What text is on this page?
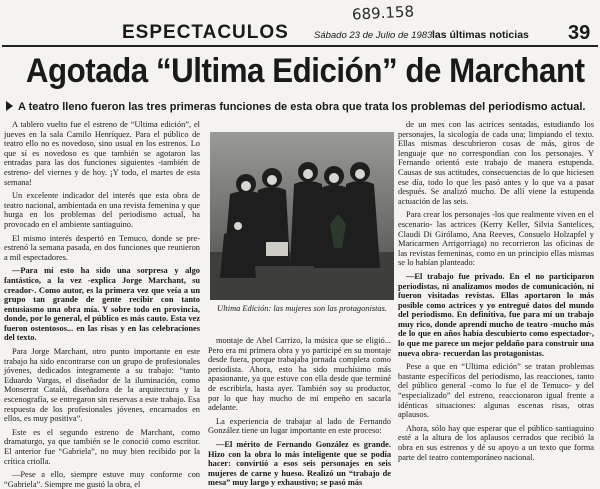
689.158
ESPECTACULOS	Sábado 23 de Julio de 1983 las últimas noticias 39
Agotada “Ultima Edición” de Marchant
A teatro lleno fueron las tres primeras funciones de esta obra que trata los problemas del periodismo actual.

A tablero vuelto fue el estreno de “Ultima edición”, el jueves en la sala Camilo Henríquez. Para el público de teatro ello no es novedoso, sino usual en los estrenos. Lo que sí es novedoso es que también se agotaron las entradas para las dos funciones siguientes -también de estreno- del viernes y de hoy. ¡Y todo, el martes de esta semana!

Un excelente indicador del interés que esta obra de teatro nacional, ambientada en una revista femenina y que hurga en los problemas del periodismo actual, ha provocado en el ambiente santiaguino.

El mismo interés despertó en Temuco, donde se pre-estrenó la semana pasada, en dos funciones que reunieron a mil espectadores.

—Para mí esto ha sido una sorpresa y algo fantástico, a la vez -explica Jorge Marchant, su creador-. Como autor, es la primera vez que veía a un grupo tan grande de gente recibir con tanto entusiasmo una obra mía. Y sobre todo en provincia, donde, por lo general, el público es más cauto. Esta vez fueron ostentosos... en las risas y en las celebraciones del texto.

Para Jorge Marchant, otro punto importante en este trabajo ha sido encontrarse con un grupo de profesionales jóvenes, dedicados íntegramente a su trabajo: “tanto Eduardo Vargas, el diseñador de la iluminación, como Monserrat Catalá, diseñadora de la arquitectura y la escenografía, se entregaron sin reservas a este trabajo. Esa respuesta de los profesionales jóvenes, encarnados en ellos, es muy positiva”.

Este es el segundo estreno de Marchant, como dramaturgo, ya que también se le conoció como escritor. El anterior fue “Gabriela”, no muy bien recibido por la crítica criolla.

—Pese a ello, siempre estuve muy conforme con “Gabriela”. Siempre me gustó la obra, el

Ultima Edición: las mujeres son las protagonistas.

montaje de Abel Carrizo, la música que se eligió... Pero era mi primera obra y yo participé en su montaje desde fuera, porque trabajaba jornada completa como periodista. Ahora, esto ha sido muchísimo más apasionante, ya que estuve con ella desde que terminé de escribirla, hasta ayer. También soy su productor, por lo que hay mucho de mi empeño en sacarla adelante.

La experiencia de trabajar al lado de Fernando González tiene un lugar importante en este proceso:

—El mérito de Fernando González es grande. Hizo con la obra lo más inteligente que se podía hacer: convirtió a esos seis personajes en seis mujeres de carne y hueso. Realizó un “trabajo de mesa” muy largo y exhaustivo; se pasó más

de un mes con las actrices sentadas, estudiando los personajes, la sicología de cada una; limpiando el texto. Ellas mismas descubrieron cosas de más, giros de lenguaje que no correspondían con los personajes. Y Fernando orientó este trabajo de manera estupenda. Causas de sus actitudes, consecuencias de lo que hiciesen ese día, todo lo que les pasó antes y lo que va a pasar después. Se analizó mucho. De allí viene la estupenda actuación de las seis.

Para crear los personajes -los que realmente viven en el escenario- las actrices (Kerry Keller, Silvia Santelices, Claudi Di Girólamo, Ana Reeves, Consuelo Holzapfel y Maricarmen Arrigorriaga) no recorrieron las oficinas de las revistas femeninas, como en un principio ellas mismas se lo habían planteado:

—El trabajo fue privado. En el no participaron periodistas, ni analizamos modos de comunicación, ni fueron visitadas revistas. Ellas aportaron lo más posible como actrices y yo entregué datos del mundo del periodismo. En definitiva, fue para mí un trabajo muy rico, donde aprendí mucho de teatro -mucho más de lo que en años había descubierto como espectador-, lo que me parece un mejor peldaño para construir una nueva obra- recuerdan las protagonistas.

Pese a que en “Ultima edición” se tratan problemas bastante específicos del periodismo, las reacciones, tanto del público general -como lo fue el de Temuco- y del “especializado” del estreno, reaccionaron igual frente a idénticas situaciones: algunas escenas risas, otras aplausos.

Ahora, sólo hay que esperar que el público santiaguino esté a la altura de los aplausos cerrados que recibió la obra en sus estrenos y dé su apoyo a un texto que forma parte del teatro contemporáneo nacional.
